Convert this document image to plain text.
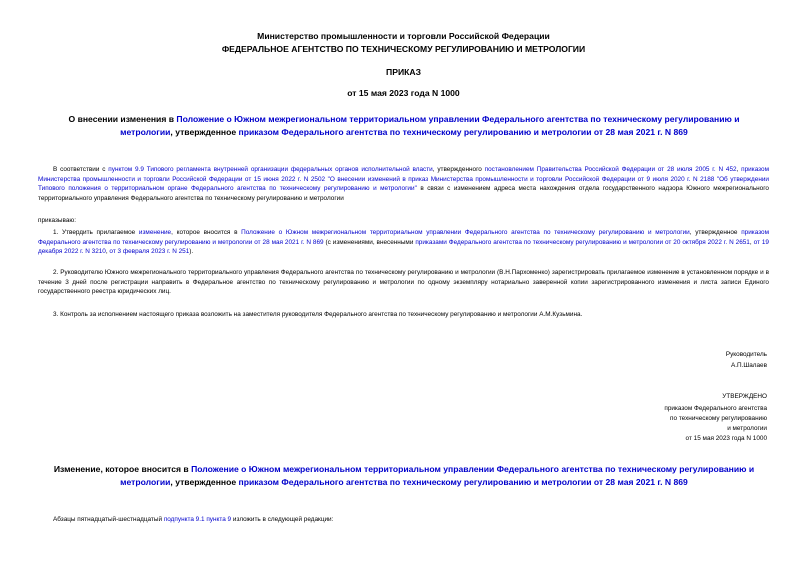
Министерство промышленности и торговли Российской Федерации
ФЕДЕРАЛЬНОЕ АГЕНТСТВО ПО ТЕХНИЧЕСКОМУ РЕГУЛИРОВАНИЮ И МЕТРОЛОГИИ
ПРИКАЗ
от 15 мая 2023 года N 1000
О внесении изменения в Положение о Южном межрегиональном территориальном управлении Федерального агентства по техническому регулированию и метрологии, утвержденное приказом Федерального агентства по техническому регулированию и метрологии от 28 мая 2021 г. N 869
В соответствии с пунктом 9.9 Типового регламента внутренней организации федеральных органов исполнительной власти, утвержденного постановлением Правительства Российской Федерации от 28 июля 2005 г. N 452, приказом Министерства промышленности и торговли Российской Федерации от 15 июня 2022 г. N 2502 "О внесении изменений в приказ Министерства промышленности и торговли Российской Федерации от 9 июля 2020 г. N 2188 "Об утверждении Типового положения о территориальном органе Федерального агентства по техническому регулированию и метрологии" в связи с изменением адреса места нахождения отдела государственного надзора Южного межрегионального территориального управления Федерального агентства по техническому регулированию и метрологии
приказываю:
1. Утвердить прилагаемое изменение, которое вносится в Положение о Южном межрегиональном территориальном управлении Федерального агентства по техническому регулированию и метрологии, утвержденное приказом Федерального агентства по техническому регулированию и метрологии от 28 мая 2021 г. N 869 (с изменениями, внесенными приказами Федерального агентства по техническому регулированию и метрологии от 20 октября 2022 г. N 2651, от 19 декабря 2022 г. N 3210, от 3 февраля 2023 г. N 251).
2. Руководителю Южного межрегионального территориального управления Федерального агентства по техническому регулированию и метрологии (В.Н.Пархоменко) зарегистрировать прилагаемое изменение в установленном порядке и в течение 3 дней после регистрации направить в Федеральное агентство по техническому регулированию и метрологии по одному экземпляру нотариально заверенной копии зарегистрированного изменения и листа записи Единого государственного реестра юридических лиц.
3. Контроль за исполнением настоящего приказа возложить на заместителя руководителя Федерального агентства по техническому регулированию и метрологии А.М.Кузьмина.
Руководитель
А.П.Шалаев
УТВЕРЖДЕНО
приказом Федерального агентства
по техническому регулированию
и метрологии
от 15 мая 2023 года N 1000
Изменение, которое вносится в Положение о Южном межрегиональном территориальном управлении Федерального агентства по техническому регулированию и метрологии, утвержденное приказом Федерального агентства по техническому регулированию и метрологии от 28 мая 2021 г. N 869
Абзацы пятнадцатый-шестнадцатый подпункта 9.1 пункта 9 изложить в следующей редакции:
